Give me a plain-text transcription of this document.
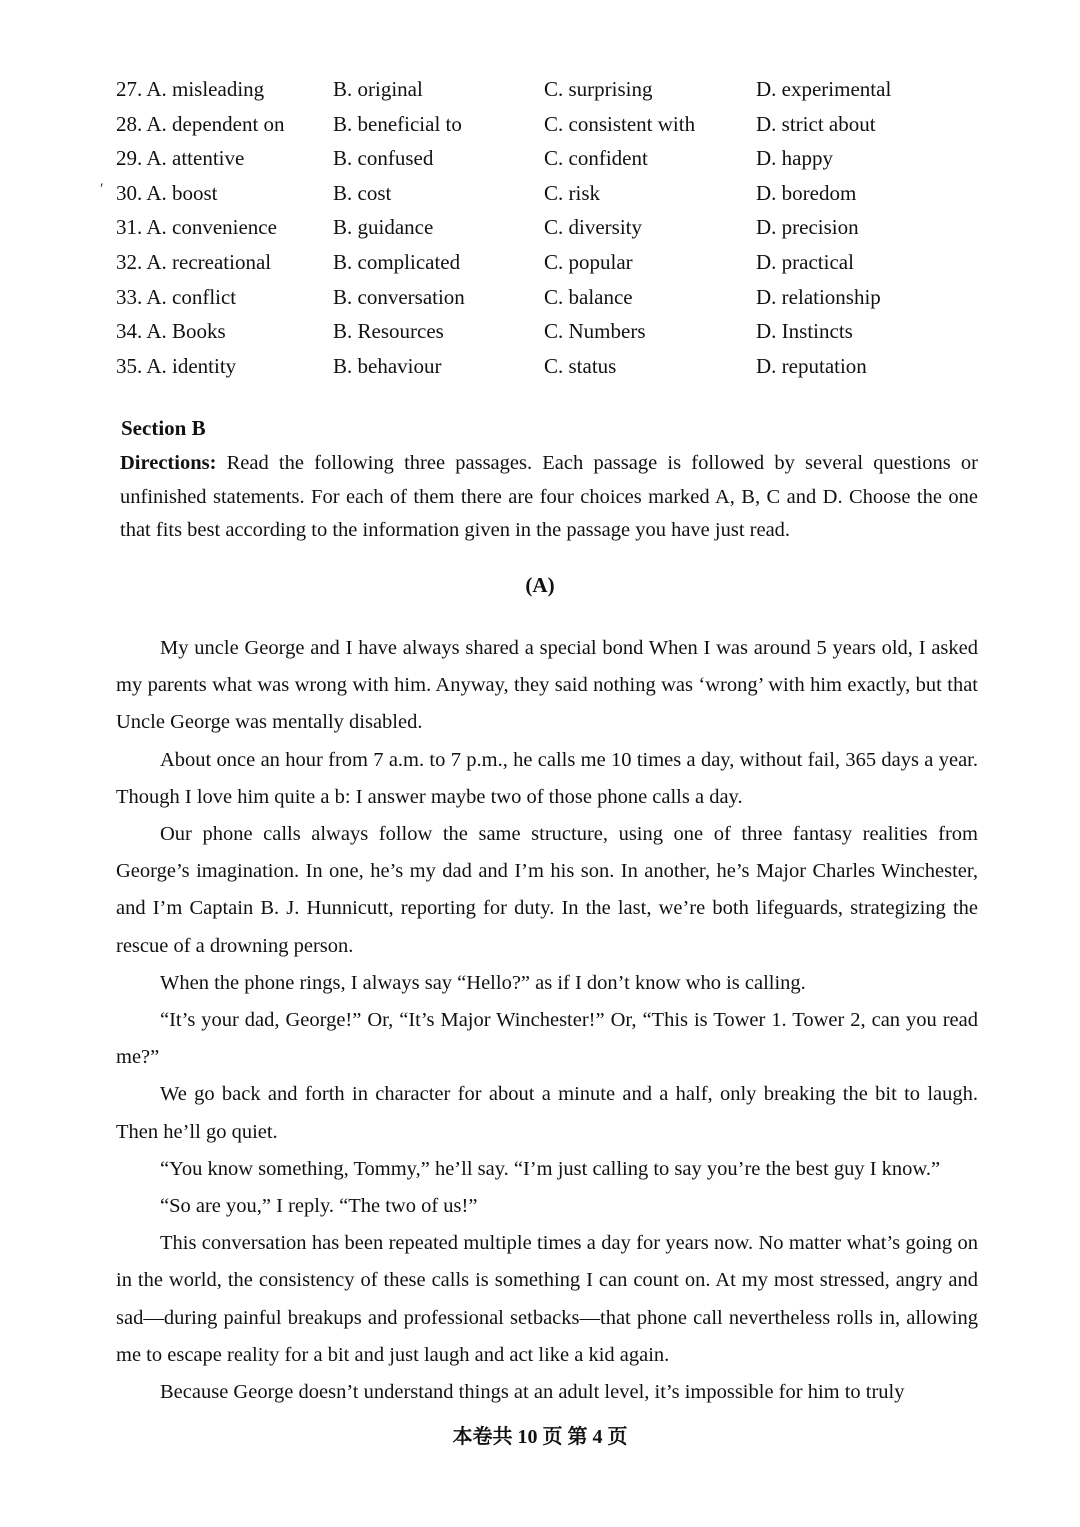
′
27. A. misleading	B. original	C. surprising	D. experimental
28. A. dependent on B. beneficial to	C. consistent with	D. strict about
29. A. attentive	B. confused	C. confident	D. happy
30. A. boost	B. cost	C. risk	D. boredom
31. A. convenience	B. guidance	C. diversity	D. precision
32. A. recreational	B. complicated	C. popular	D. practical
33. A. conflict	B. conversation	C. balance	D. relationship
34. A. Books	B. Resources	C. Numbers	D. Instincts
35. A. identity	B. behaviour	C. status	D. reputation
Section B
Directions: Read the following three passages. Each passage is followed by several questions or unfinished statements. For each of them there are four choices marked A, B, C and D. Choose the one that fits best according to the information given in the passage you have just read.
(A)

My uncle George and I have always shared a special bond When I was around 5 years old, I asked my parents what was wrong with him. Anyway, they said nothing was ‘wrong’ with him exactly, but that Uncle George was mentally disabled.

About once an hour from 7 a.m. to 7 p.m., he calls me 10 times a day, without fail, 365 days a year. Though I love him quite a b: I answer maybe two of those phone calls a day.

Our phone calls always follow the same structure, using one of three fantasy realities from George’s imagination. In one, he’s my dad and I’m his son. In another, he’s Major Charles Winchester, and I’m Captain B. J. Hunnicutt, reporting for duty. In the last, we’re both lifeguards, strategizing the rescue of a drowning person.

When the phone rings, I always say “Hello?” as if I don’t know who is calling.

“It’s your dad, George!” Or, “It’s Major Winchester!” Or, “This is Tower 1. Tower 2, can you read me?”

We go back and forth in character for about a minute and a half, only breaking the bit to laugh. Then he’ll go quiet.

“You know something, Tommy,” he’ll say. “I’m just calling to say you’re the best guy I know.”

“So are you,” I reply. “The two of us!”

This conversation has been repeated multiple times a day for years now. No matter what’s going on in the world, the consistency of these calls is something I can count on. At my most stressed, angry and sad—during painful breakups and professional setbacks—that phone call nevertheless rolls in, allowing me to escape reality for a bit and just laugh and act like a kid again.

Because George doesn’t understand things at an adult level, it’s impossible for him to truly

本卷共 10 页 第 4 页
